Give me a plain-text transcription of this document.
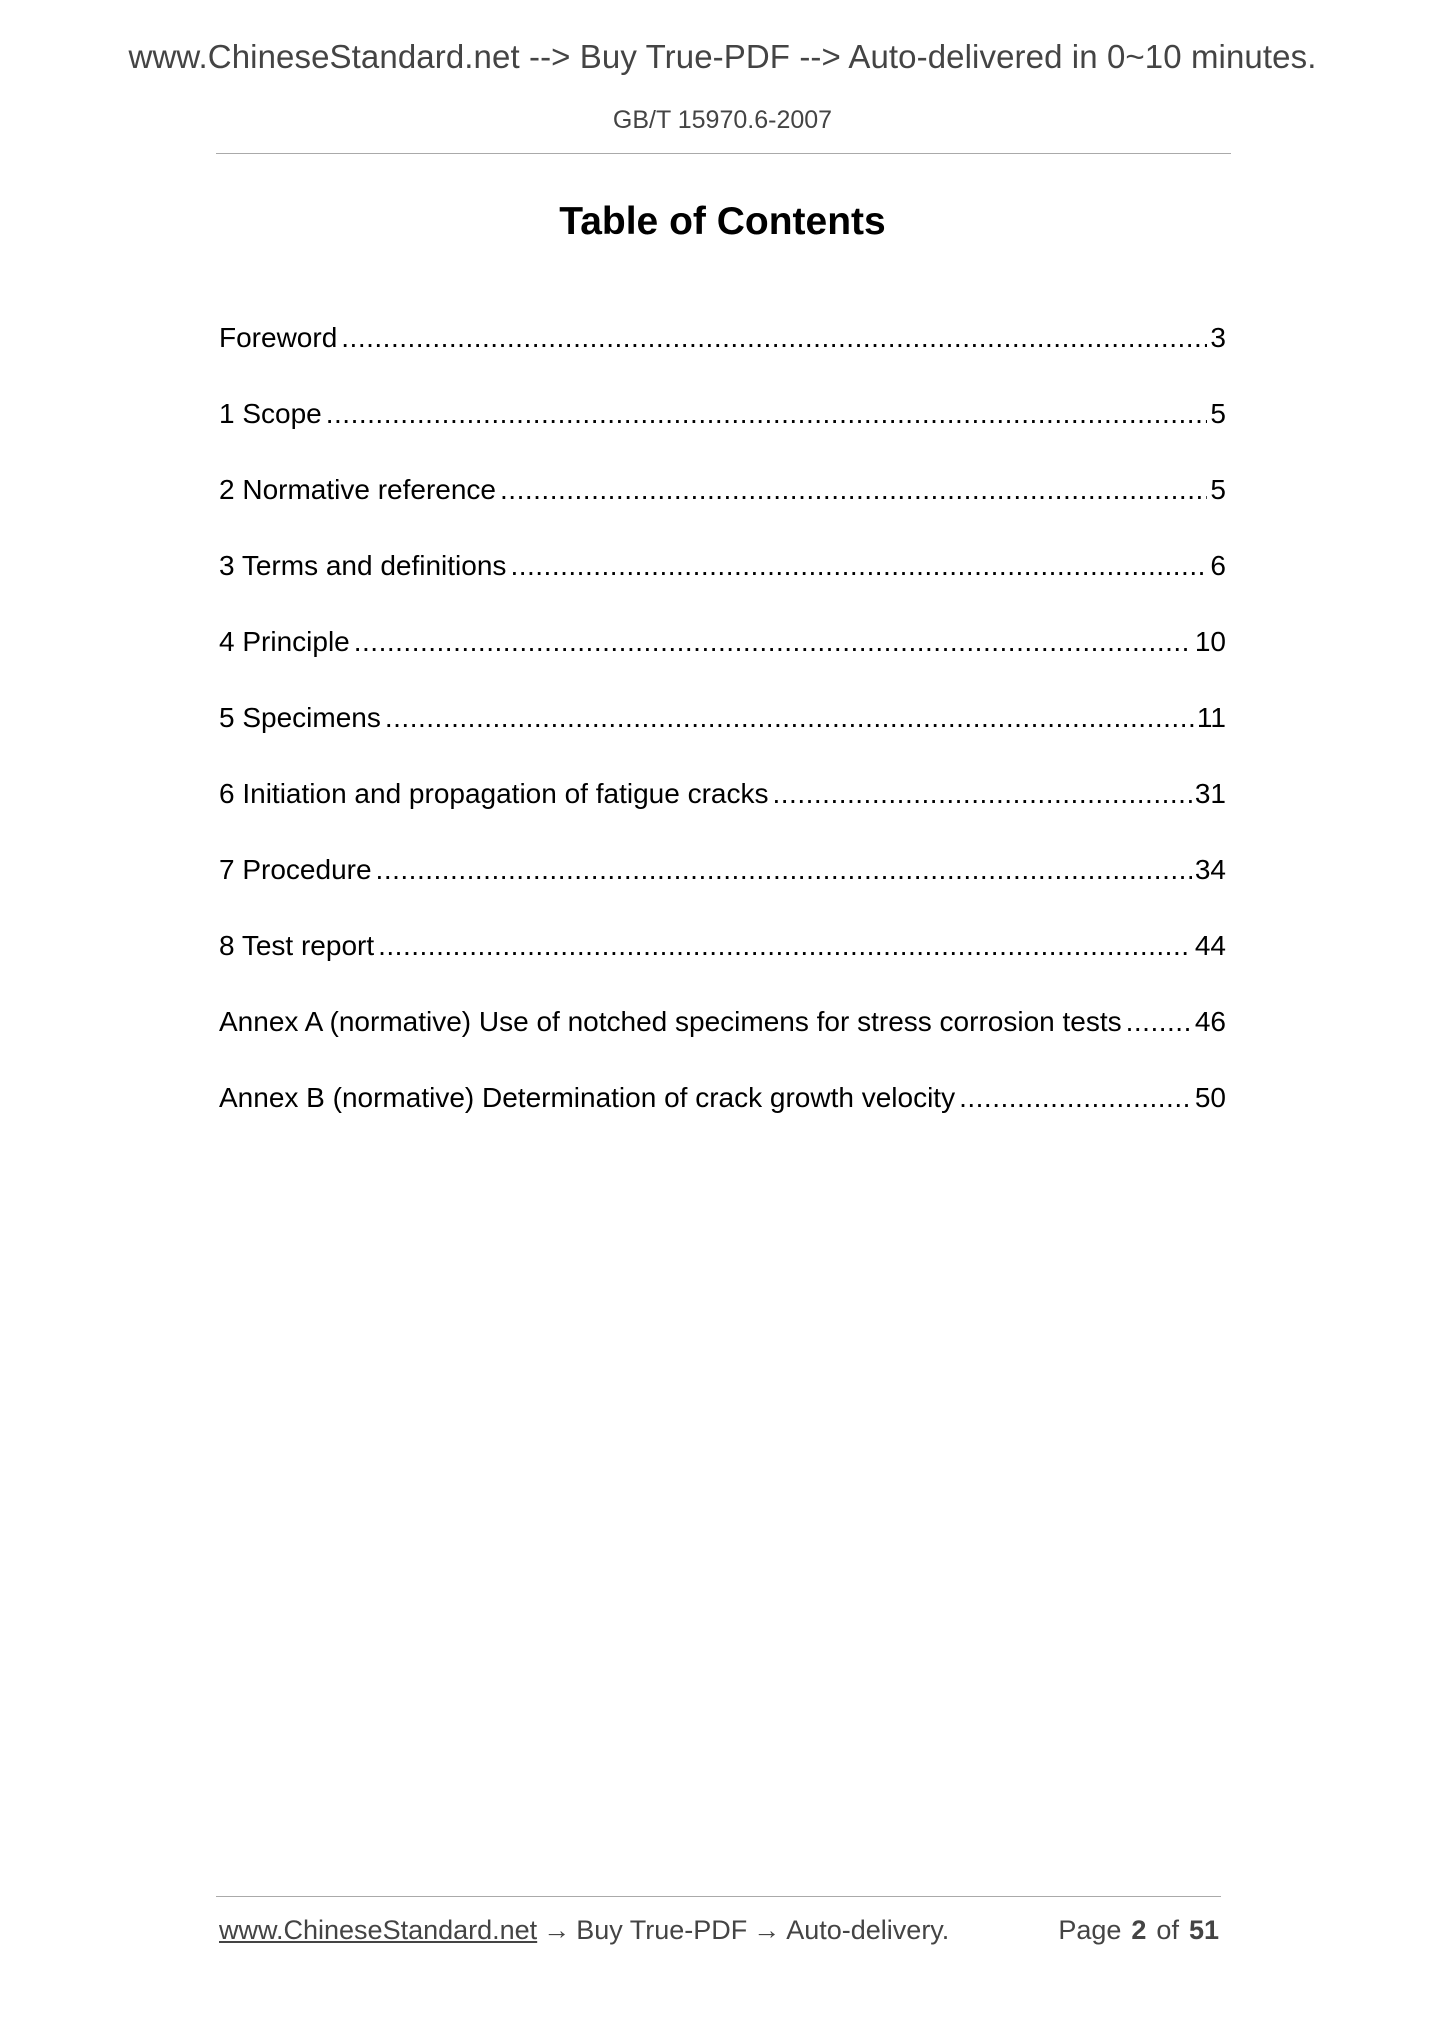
www.ChineseStandard.net --> Buy True-PDF --> Auto-delivered in 0~10 minutes.
GB/T 15970.6-2007
Table of Contents
Foreword .....	3
1 Scope .....	5
2 Normative reference .....	5
3 Terms and definitions .....	6
4 Principle .....	10
5 Specimens .....	11
6 Initiation and propagation of fatigue cracks .....	31
7 Procedure .....	34
8 Test report .....	44
Annex A (normative) Use of notched specimens for stress corrosion tests .....	46
Annex B (normative) Determination of crack growth velocity .....	50
www.ChineseStandard.net → Buy True-PDF → Auto-delivery.	Page 2 of 51
